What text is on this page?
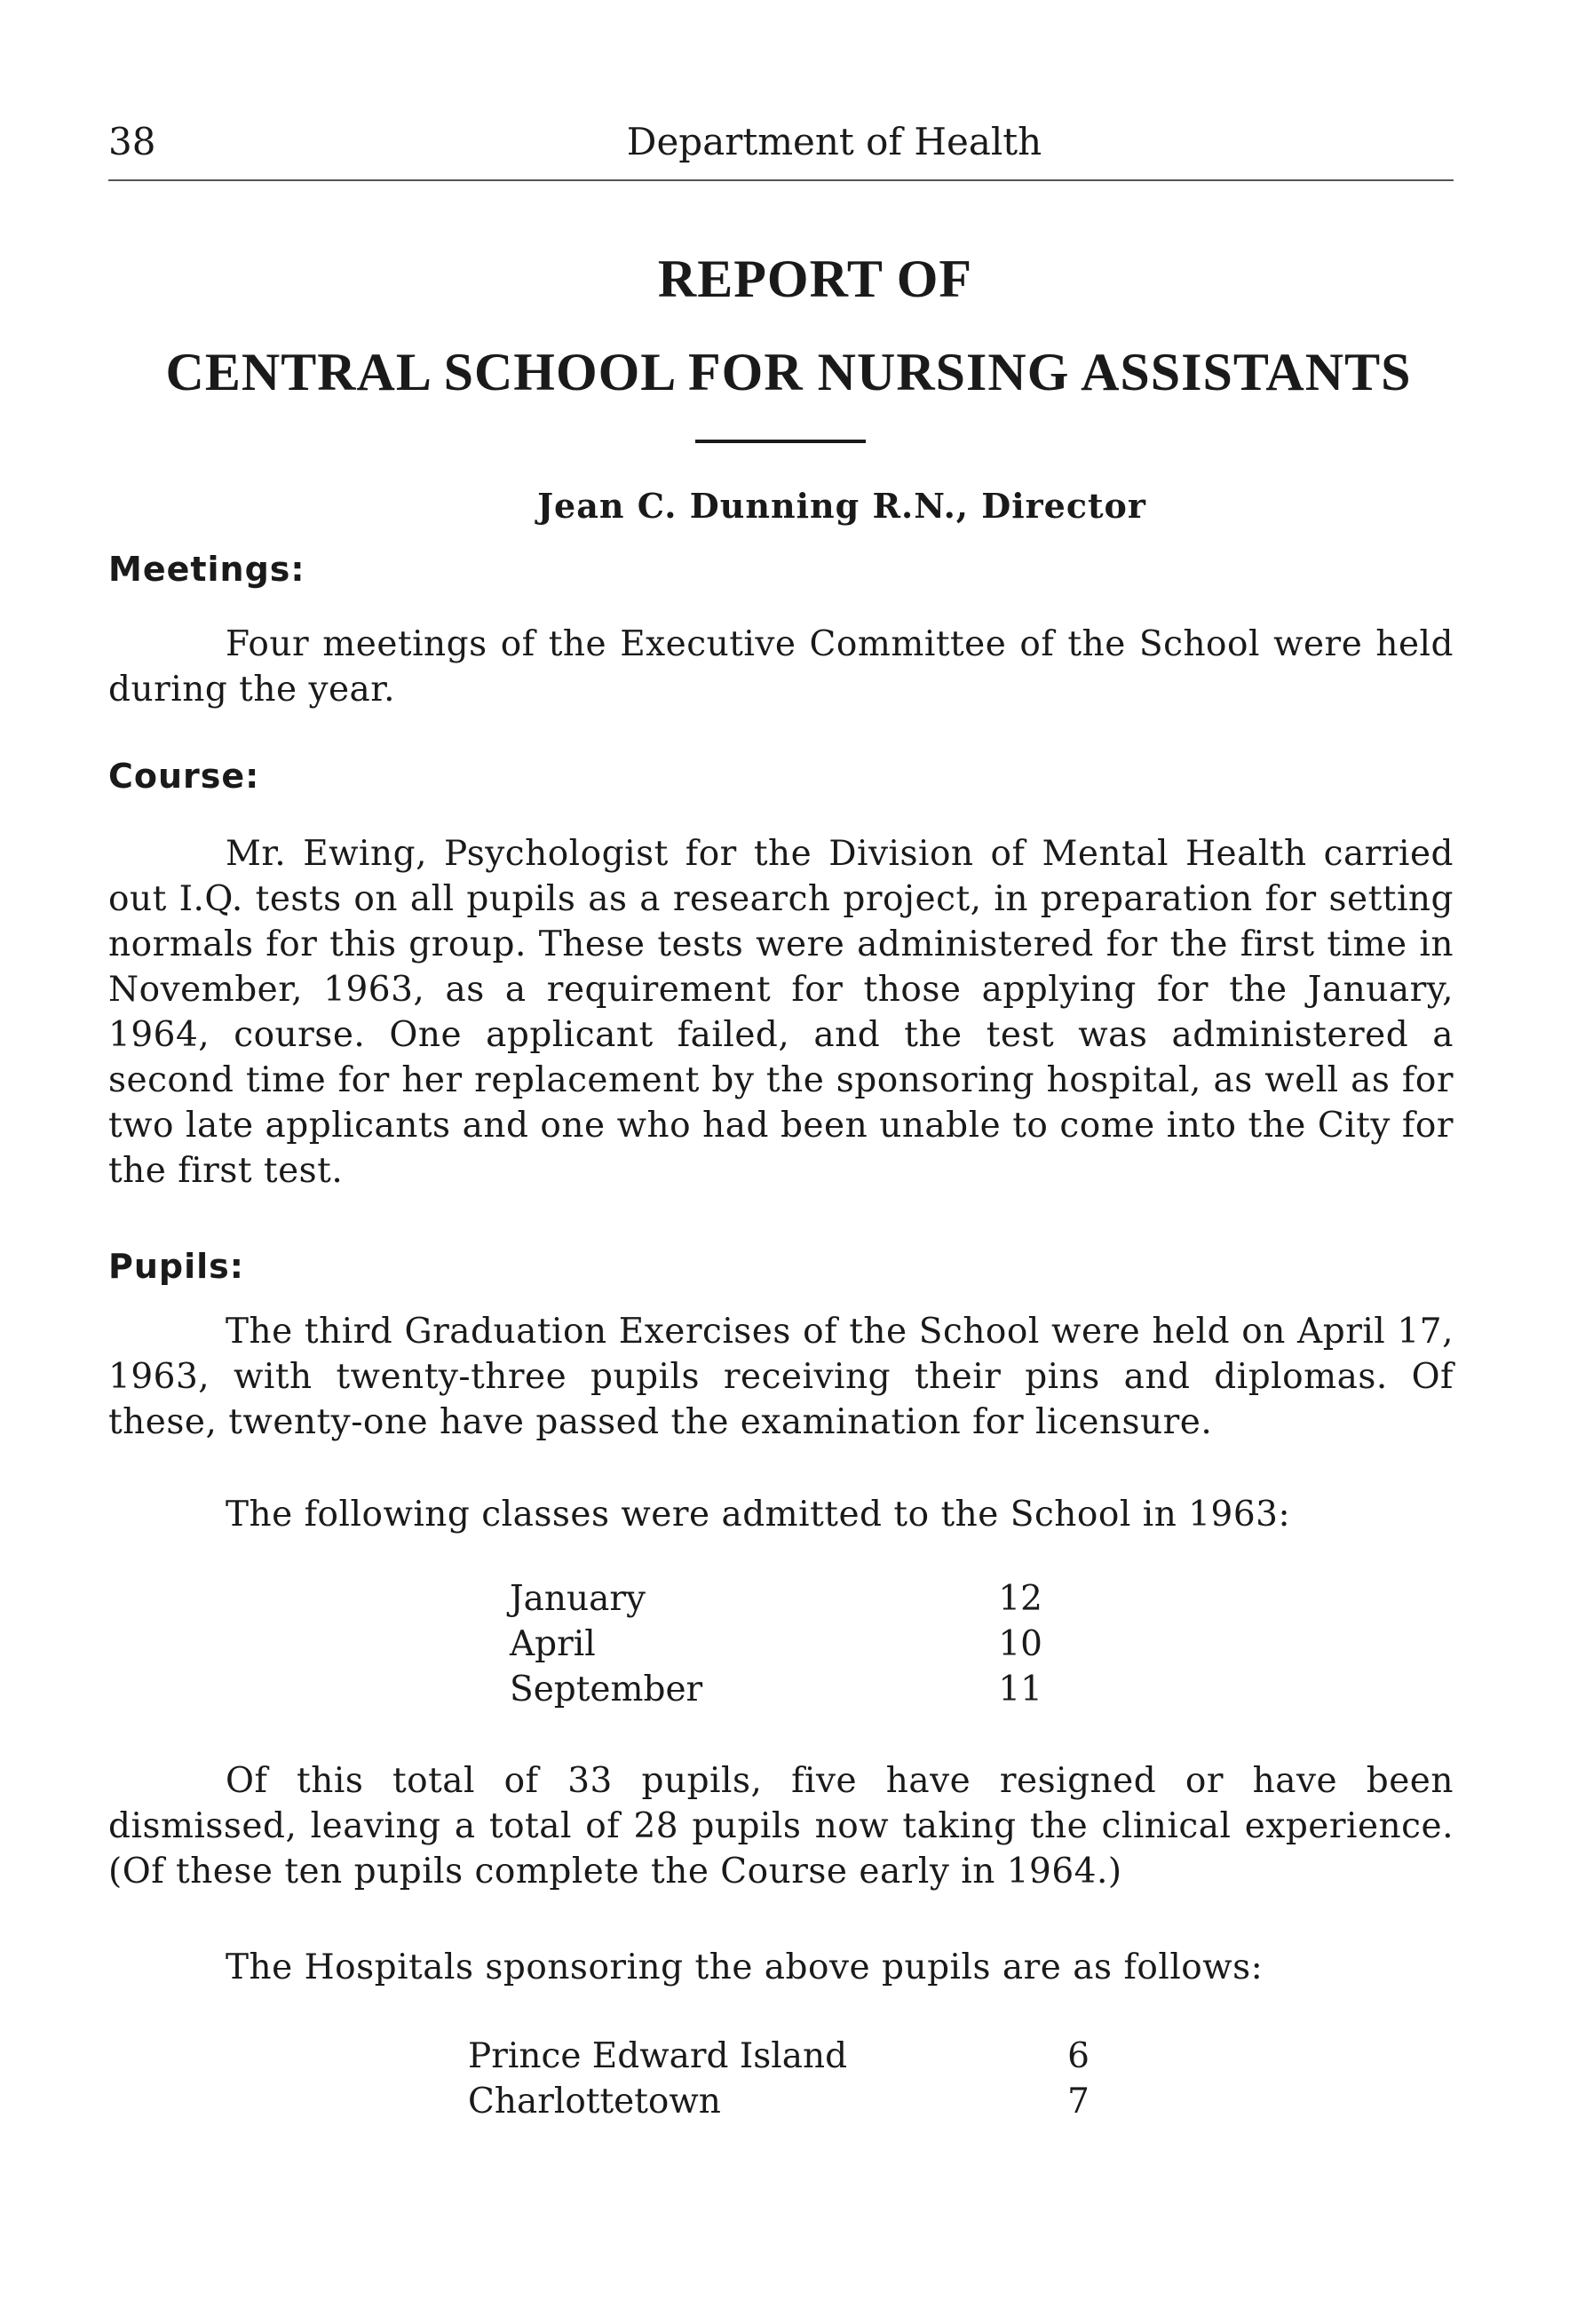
38	Department of Health
REPORT OF
CENTRAL SCHOOL FOR NURSING ASSISTANTS
Jean C. Dunning R.N., Director
Meetings:

Four meetings of the Executive Committee of the School were held during the year.

Course:

Mr. Ewing, Psychologist for the Division of Mental Health carried out I.Q. tests on all pupils as a research project, in preparation for setting normals for this group. These tests were administered for the first time in November, 1963, as a requirement for those applying for the January, 1964, course. One applicant failed, and the test was administered a second time for her replacement by the sponsoring hospital, as well as for two late applicants and one who had been unable to come into the City for the first test.

Pupils:

The third Graduation Exercises of the School were held on April 17, 1963, with twenty-three pupils receiving their pins and diplomas. Of these, twenty-one have passed the examination for licensure.

The following classes were admitted to the School in 1963:

January	12
April	10
September	11

Of this total of 33 pupils, five have resigned or have been dismissed, leaving a total of 28 pupils now taking the clinical experience. (Of these ten pupils complete the Course early in 1964.)

The Hospitals sponsoring the above pupils are as follows:

Prince Edward Island	6
Charlottetown	7
